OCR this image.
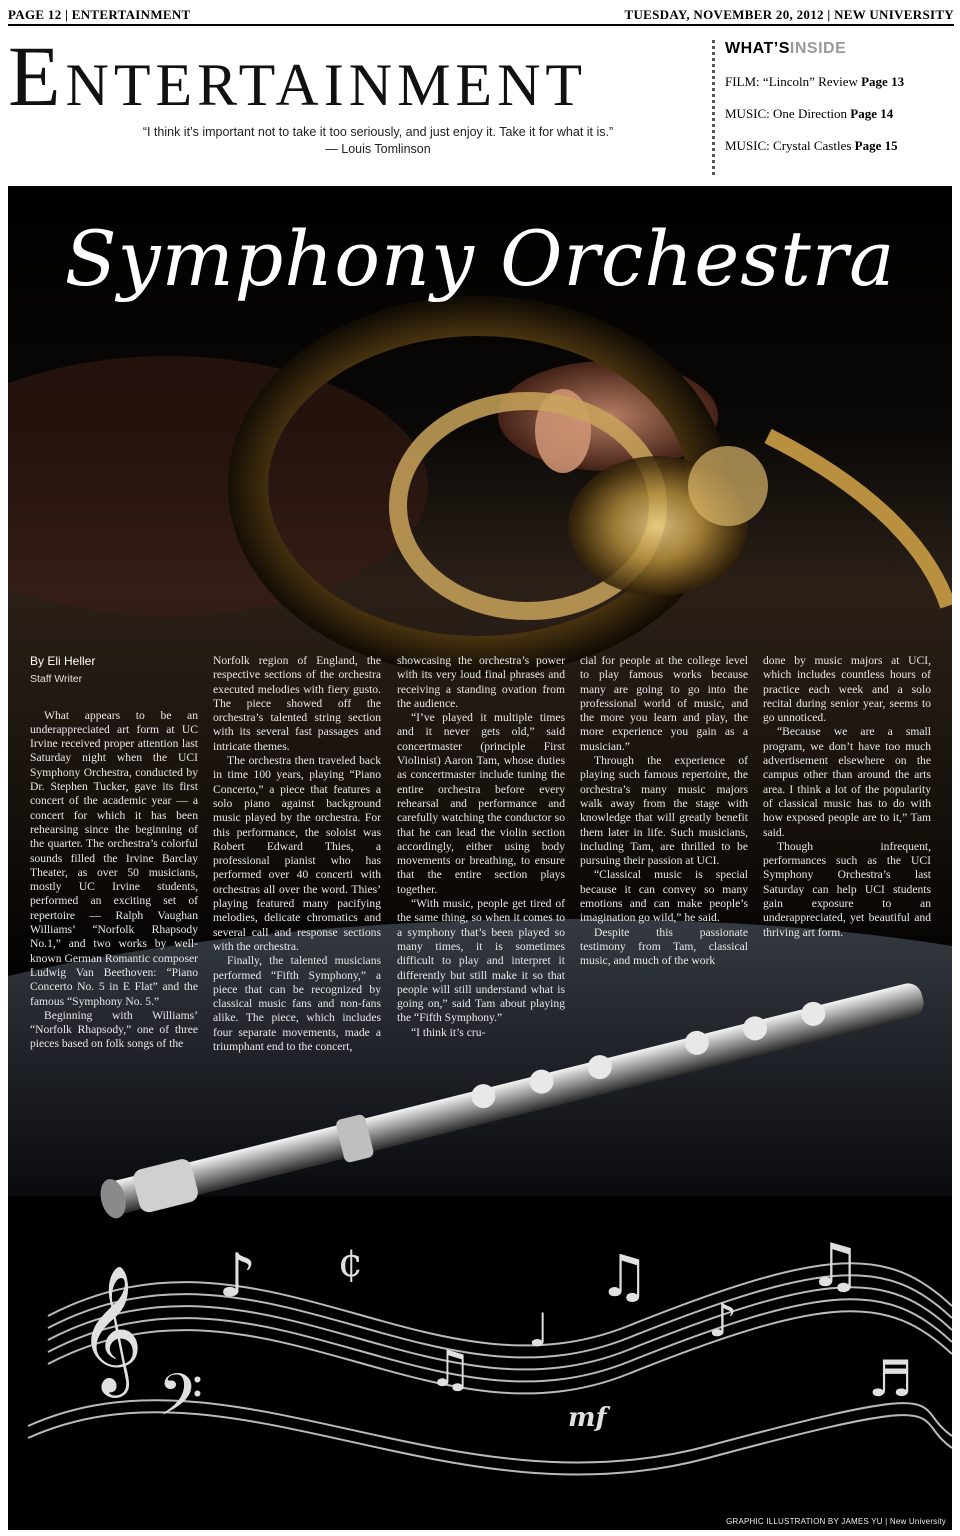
PAGE 12 | ENTERTAINMENT	TUESDAY, NOVEMBER 20, 2012 | NEW UNIVERSITY
Entertainment
“I think it’s important not to take it too seriously, and just enjoy it. Take it for what it is.”
— Louis Tomlinson
WHAT’SINSIDE
FILM: “Lincoln” Review Page 13
MUSIC: One Direction Page 14
MUSIC: Crystal Castles Page 15
𝄞
𝄢
♪ ¢
♫
♩
♫
♪
♫
♬
mf
Symphony Orchestra
By Eli Heller
Staff Writer

What appears to be an underappreciated art form at UC Irvine received proper attention last Saturday night when the UCI Symphony Orchestra, conducted by Dr. Stephen Tucker, gave its first concert of the academic year — a concert for which it has been rehearsing since the beginning of the quarter. The orchestra’s colorful sounds filled the Irvine Barclay Theater, as over 50 musicians, mostly UC Irvine students, performed an exciting set of repertoire — Ralph Vaughan Williams’ “Norfolk Rhapsody No.1,” and two works by well-known German Romantic composer Ludwig Van Beethoven: “Piano Concerto No. 5 in E Flat” and the famous “Symphony No. 5.”

Beginning with Williams’ “Norfolk Rhapsody,” one of three pieces based on folk songs of the

Norfolk region of England, the respective sections of the orchestra executed melodies with fiery gusto. The piece showed off the orchestra’s talented string section with its several fast passages and intricate themes.

The orchestra then traveled back in time 100 years, playing “Piano Concerto,” a piece that features a solo piano against background music played by the orchestra. For this performance, the soloist was Robert Edward Thies, a professional pianist who has performed over 40 concerti with orchestras all over the word. Thies’ playing featured many pacifying melodies, delicate chromatics and several call and response sections with the orchestra.

Finally, the talented musicians performed “Fifth Symphony,” a piece that can be recognized by classical music fans and non-fans alike. The piece, which includes four separate movements, made a triumphant end to the concert,

showcasing the orchestra’s power with its very loud final phrases and receiving a standing ovation from the audience.

“I’ve played it multiple times and it never gets old,” said concertmaster (principle First Violinist) Aaron Tam, whose duties as concertmaster include tuning the entire orchestra before every rehearsal and performance and carefully watching the conductor so that he can lead the violin section accordingly, either using body movements or breathing, to ensure that the entire section plays together.

“With music, people get tired of the same thing, so when it comes to a symphony that’s been played so many times, it is sometimes difficult to play and interpret it differently but still make it so that people will still understand what is going on,” said Tam about playing the “Fifth Symphony.”

“I think it’s cru-

cial for people at the college level to play famous works because many are going to go into the professional world of music, and the more you learn and play, the more experience you gain as a musician.”

Through the experience of playing such famous repertoire, the orchestra’s many music majors walk away from the stage with knowledge that will greatly benefit them later in life. Such musicians, including Tam, are thrilled to be pursuing their passion at UCI.

“Classical music is special because it can convey so many emotions and can make people’s imagination go wild,” he said.

Despite this passionate testimony from Tam, classical music, and much of the work

done by music majors at UCI, which includes countless hours of practice each week and a solo recital during senior year, seems to go unnoticed.

“Because we are a small program, we don’t have too much advertisement elsewhere on the campus other than around the arts area. I think a lot of the popularity of classical music has to do with how exposed people are to it,” Tam said.

Though infrequent, performances such as the UCI Symphony Orchestra’s last Saturday can help UCI students gain exposure to an underappreciated, yet beautiful and thriving art form.

GRAPHIC ILLUSTRATION BY JAMES YU | New University
